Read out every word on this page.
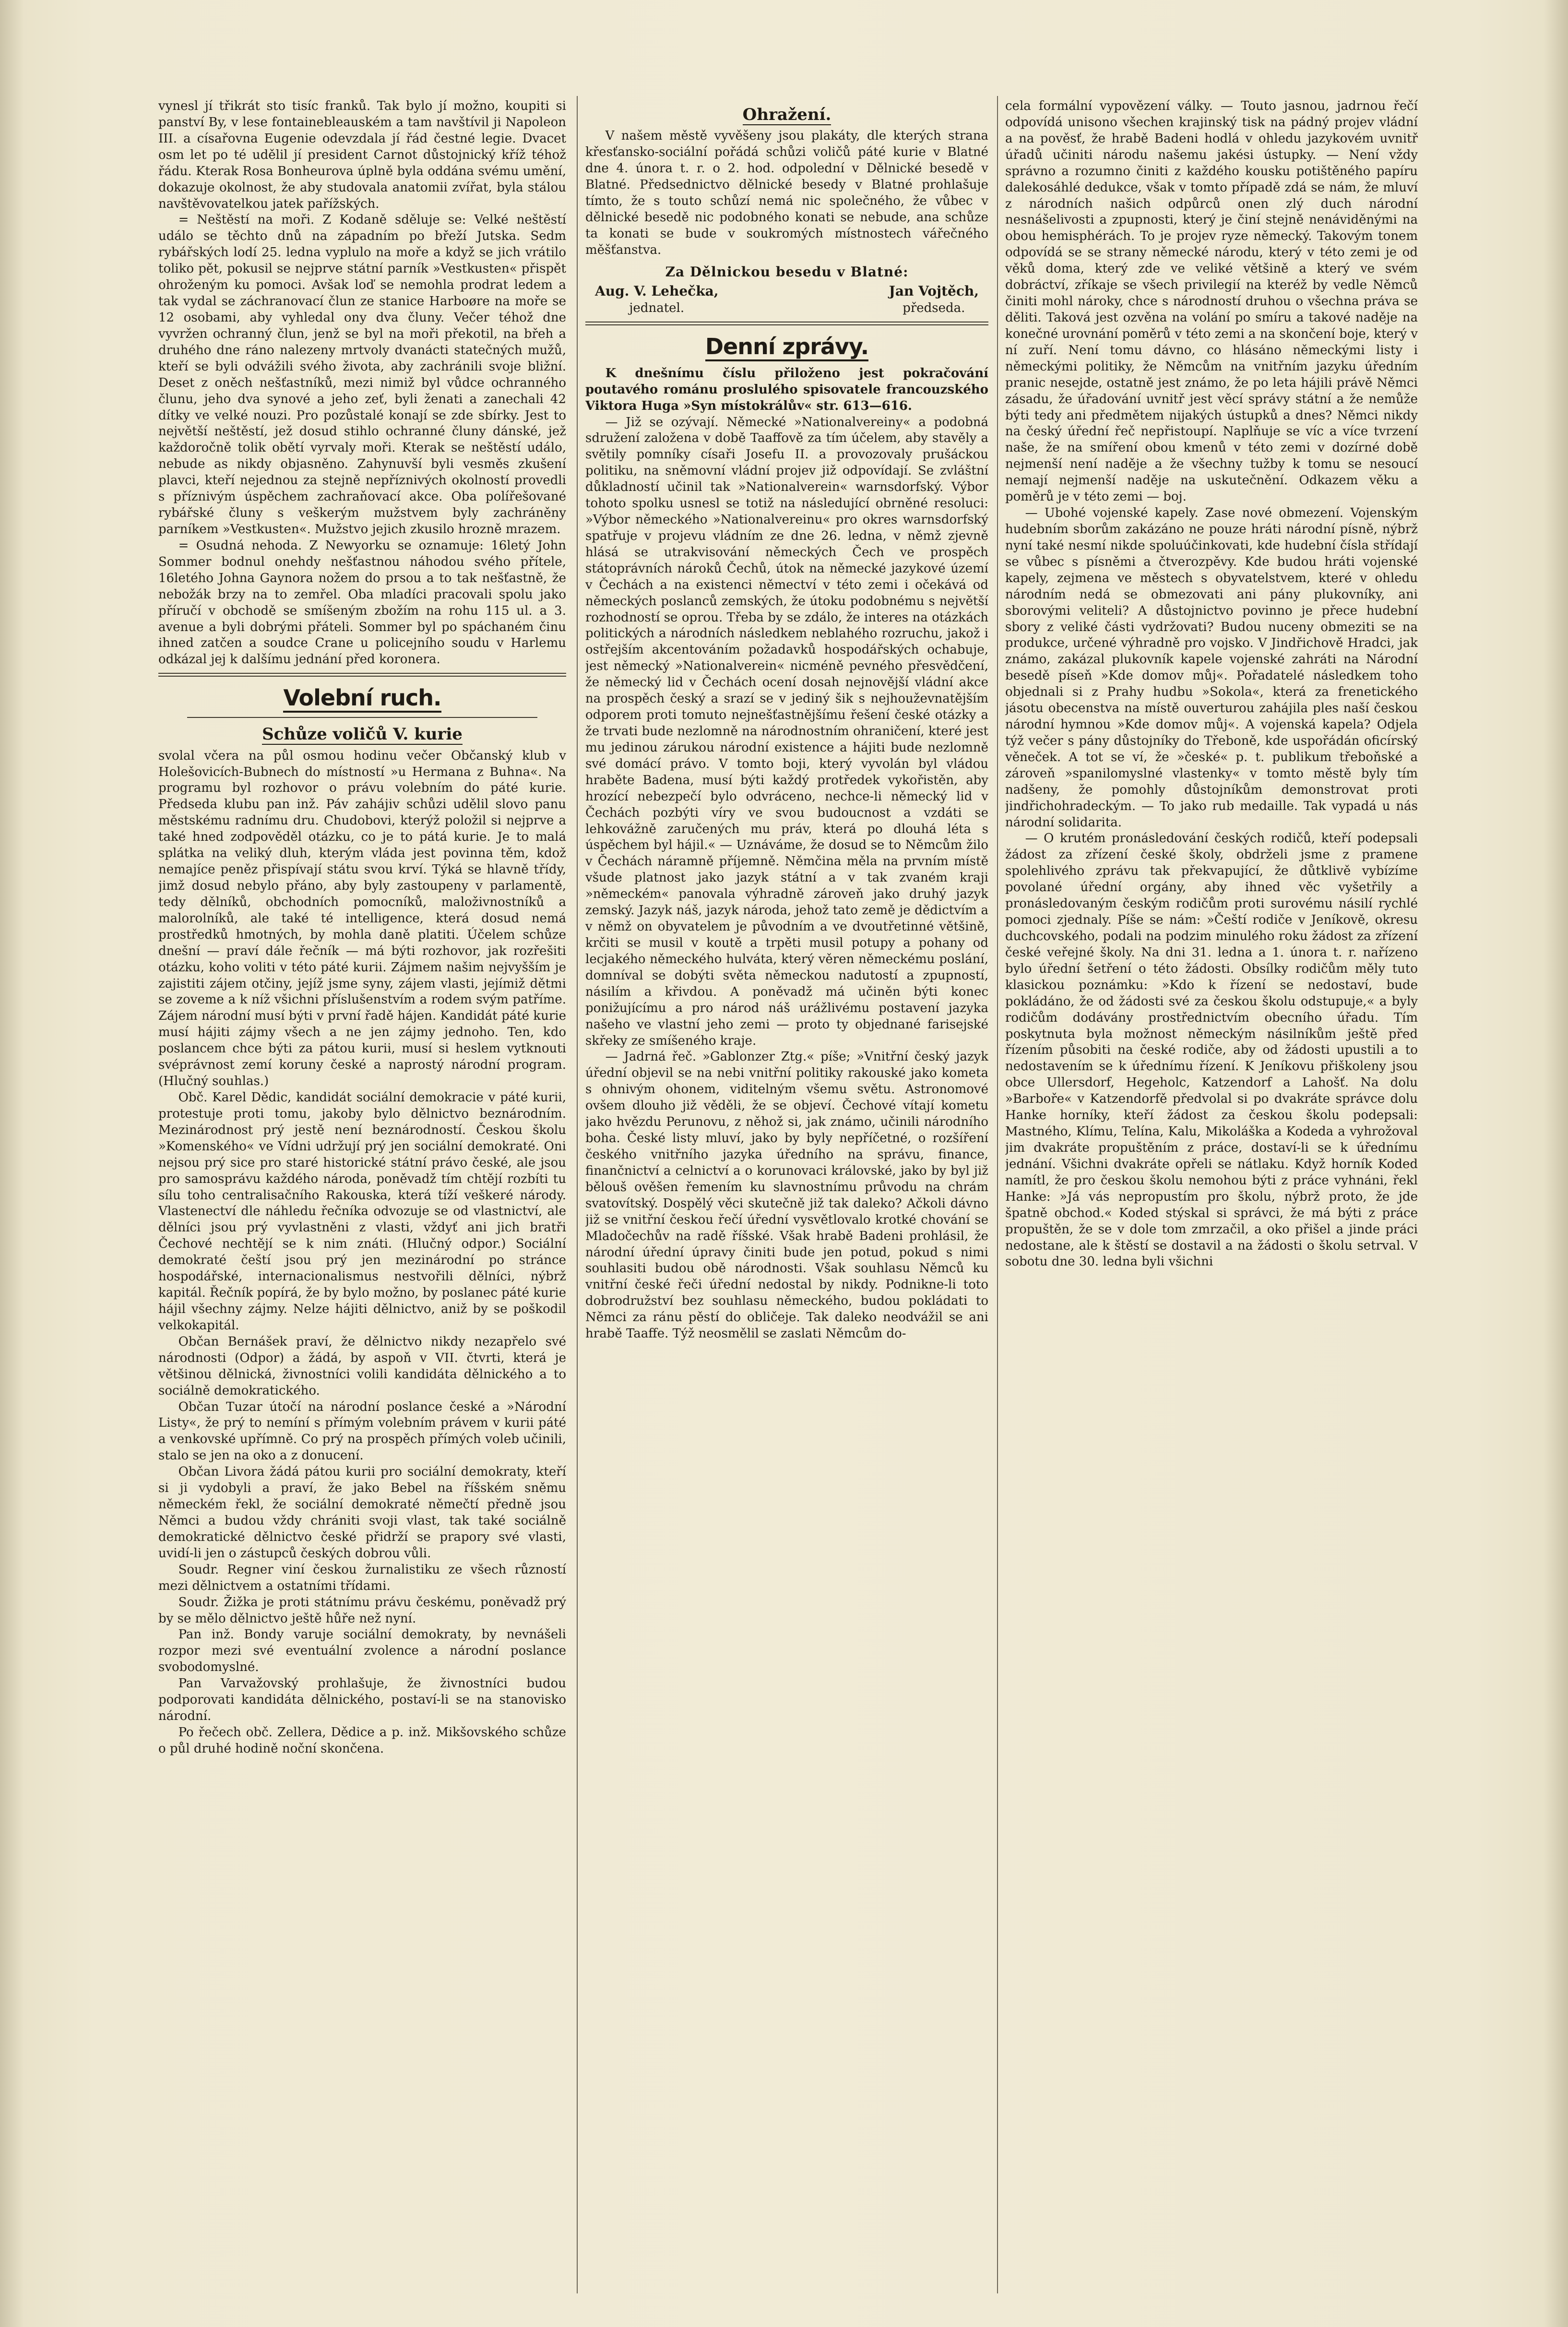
vynesl jí třikrát sto tisíc franků. Tak bylo jí možno, koupiti si panství By, v lese fontainebleauském a tam navštívil ji Napoleon III. a císařovna Eugenie odevzdala jí řád čestné legie. Dvacet osm let po té udělil jí president Carnot důstojnický kříž téhož řádu. Kterak Rosa Bonheurova úplně byla oddána svému umění, dokazuje okolnost, že aby studovala anatomii zvířat, byla stálou navštěvovatelkou jatek pařížských.

= Neštěstí na moři. Z Kodaně sděluje se: Velké neštěstí událo se těchto dnů na západním po břeží Jutska. Sedm rybářských lodí 25. ledna vyplulo na moře a když se jich vrátilo toliko pět, pokusil se nejprve státní parník »Vestkusten« přispět ohroženým ku pomoci. Avšak loď se nemohla prodrat ledem a tak vydal se záchranovací člun ze stanice Harboøre na moře se 12 osobami, aby vyhledal ony dva čluny. Večer téhož dne vyvržen ochranný člun, jenž se byl na moři překotil, na břeh a druhého dne ráno nalezeny mrtvoly dvanácti statečných mužů, kteří se byli odvážili svého života, aby zachránili svoje bližní. Deset z oněch nešťastníků, mezi nimiž byl vůdce ochranného člunu, jeho dva synové a jeho zeť, byli ženati a zanechali 42 dítky ve velké nouzi. Pro pozůstalé konají se zde sbírky. Jest to největší neštěstí, jež dosud stihlo ochranné čluny dánské, jež každoročně tolik obětí vyrvaly moři. Kterak se neštěstí událo, nebude as nikdy objasněno. Zahynuvší byli vesměs zkušení plavci, kteří nejednou za stejně nepříznivých okolností provedli s příznivým úspěchem zachraňovací akce. Oba polířešované rybářské čluny s veškerým mužstvem byly zachráněny parníkem »Vestkusten«. Mužstvo jejich zkusilo hrozně mrazem.

= Osudná nehoda. Z Newyorku se oznamuje: 16letý John Sommer bodnul onehdy nešťastnou náhodou svého přítele, 16letého Johna Gaynora nožem do prsou a to tak nešťastně, že nebožák brzy na to zemřel. Oba mladíci pracovali spolu jako příručí v obchodě se smíšeným zbožím na rohu 115 ul. a 3. avenue a byli dobrými přáteli. Sommer byl po spáchaném činu ihned zatčen a soudce Crane u policejního soudu v Harlemu odkázal jej k dalšímu jednání před koronera.

Volební ruch.
Schůze voličů V. kurie

svolal včera na půl osmou hodinu večer Občanský klub v Holešovicích-Bubnech do místností »u Hermana z Buhna«. Na programu byl rozhovor o právu volebním do páté kurie. Předseda klubu pan inž. Páv zahájiv schůzi udělil slovo panu městskému radnímu dru. Chudobovi, kterýž položil si nejprve a také hned zodpověděl otázku, co je to pátá kurie. Je to malá splátka na veliký dluh, kterým vláda jest povinna těm, kdož nemajíce peněz přispívají státu svou krví. Týká se hlavně třídy, jimž dosud nebylo přáno, aby byly zastoupeny v parlamentě, tedy dělníků, obchodních pomocníků, maloživnostníků a malorolníků, ale také té intelligence, která dosud nemá prostředků hmotných, by mohla daně platiti. Účelem schůze dnešní — praví dále řečník — má býti rozhovor, jak rozřešiti otázku, koho voliti v této páté kurii. Zájmem našim nejvyšším je zajistiti zájem otčiny, jejíž jsme syny, zájem vlasti, jejímiž dětmi se zoveme a k níž všichni příslušenstvím a rodem svým patříme. Zájem národní musí býti v první řadě hájen. Kandidát páté kurie musí hájiti zájmy všech a ne jen zájmy jednoho. Ten, kdo poslancem chce býti za pátou kurii, musí si heslem vytknouti svéprávnost zemí koruny české a naprostý národní program. (Hlučný souhlas.)

Obč. Karel Dědic, kandidát sociální demokracie v páté kurii, protestuje proti tomu, jakoby bylo dělnictvo beznárodním. Mezinárodnost prý jestě není beznárodností. Českou školu »Komenského« ve Vídni udržují prý jen sociální demokraté. Oni nejsou prý sice pro staré historické státní právo české, ale jsou pro samosprávu každého národa, poněvadž tím chtějí rozbíti tu sílu toho centralisačního Rakouska, která tíží veškeré národy. Vlastenectví dle náhledu řečníka odvozuje se od vlastnictví, ale dělníci jsou prý vyvlastněni z vlasti, vždyť ani jich bratři Čechové nechtějí se k nim znáti. (Hlučný odpor.) Sociální demokraté čeští jsou prý jen mezinárodní po stránce hospodářské, internacionalismus nestvořili dělníci, nýbrž kapitál. Řečník popírá, že by bylo možno, by poslanec páté kurie hájil všechny zájmy. Nelze hájiti dělnictvo, aniž by se poškodil velkokapitál.

Občan Bernášek praví, že dělnictvo nikdy nezapřelo své národnosti (Odpor) a žádá, by aspoň v VII. čtvrti, která je většinou dělnická, živnostníci volili kandidáta dělnického a to sociálně demokratického.

Občan Tuzar útočí na národní poslance české a »Národní Listy«, že prý to nemíní s přímým volebním právem v kurii páté a venkovské upřímně. Co prý na prospěch přímých voleb učinili, stalo se jen na oko a z donucení.

Občan Livora žádá pátou kurii pro sociální demokraty, kteří si ji vydobyli a praví, že jako Bebel na říšském sněmu německém řekl, že sociální demokraté němečtí předně jsou Němci a budou vždy chrániti svoji vlast, tak také sociálně demokratické dělnictvo české přidrží se prapory své vlasti, uvidí-li jen o zástupců českých dobrou vůli.

Soudr. Regner viní českou žurnalistiku ze všech růzností mezi dělnictvem a ostatními třídami.

Soudr. Žižka je proti státnímu právu českému, poněvadž prý by se mělo dělnictvo ještě hůře než nyní.

Pan inž. Bondy varuje sociální demokraty, by nevnášeli rozpor mezi své eventuální zvolence a národní poslance svobodomyslné.

Pan Varvažovský prohlašuje, že živnostníci budou podporovati kandidáta dělnického, postaví-li se na stanovisko národní.

Po řečech obč. Zellera, Dědice a p. inž. Mikšovského schůze o půl druhé hodině noční skončena.

Ohražení.

V našem městě vyvěšeny jsou plakáty, dle kterých strana křesťansko-sociální pořádá schůzi voličů páté kurie v Blatné dne 4. února t. r. o 2. hod. odpolední v Dělnické besedě v Blatné. Předsednictvo dělnické besedy v Blatné prohlašuje tímto, že s touto schůzí nemá nic společného, že vůbec v dělnické besedě nic podobného konati se nebude, ana schůze ta konati se bude v soukromých místnostech vářečného měšťanstva.

Za Dělnickou besedu v Blatné:
Aug. V. Lehečka,
jednatel.
Jan Vojtěch,
předseda.
Denní zprávy.

K dnešnímu číslu přiloženo jest pokračování poutavého románu proslulého spisovatele francouzského Viktora Huga »Syn místokrálův« str. 613—616.

— Již se ozývají. Německé »Nationalvereiny« a podobná sdružení založena v době Taaffově za tím účelem, aby stavěly a světily pomníky císaři Josefu II. a provozovaly prušáckou politiku, na sněmovní vládní projev již odpovídají. Se zvláštní důkladností učinil tak »Nationalverein« warnsdorfský. Výbor tohoto spolku usnesl se totiž na následující obrněné resoluci: »Výbor německého »Nationalvereinu« pro okres warnsdorfský spatřuje v projevu vládním ze dne 26. ledna, v němž zjevně hlásá se utrakvisování německých Čech ve prospěch státoprávních nároků Čechů, útok na německé jazykové území v Čechách a na existenci němectví v této zemi i očekává od německých poslanců zemských, že útoku podobnému s největší rozhodností se oprou. Třeba by se zdálo, že interes na otázkách politických a národních následkem neblahého rozruchu, jakož i ostřejším akcentováním požadavků hospodářských ochabuje, jest německý »Nationalverein« nicméně pevného přesvědčení, že německý lid v Čechách ocení dosah nejnovější vládní akce na prospěch český a srazí se v jediný šik s nejhouževnatějším odporem proti tomuto nejnešťastnějšímu řešení české otázky a že trvati bude nezlomně na národnostním ohraničení, které jest mu jedinou zárukou národní existence a hájiti bude nezlomně své domácí právo. V tomto boji, který vyvolán byl vládou hraběte Badena, musí býti každý protředek vykořistěn, aby hrozící nebezpečí bylo odvráceno, nechce-li německý lid v Čechách pozbýti víry ve svou budoucnost a vzdáti se lehkovážně zaručených mu práv, která po dlouhá léta s úspěchem byl hájil.« — Uznáváme, že dosud se to Němcům žilo v Čechách náramně příjemně. Němčina měla na prvním místě všude platnost jako jazyk státní a v tak zvaném kraji »německém« panovala výhradně zároveň jako druhý jazyk zemský. Jazyk náš, jazyk národa, jehož tato země je dědictvím a v němž on obyvatelem je původním a ve dvoutřetinné většině, krčiti se musil v koutě a trpěti musil potupy a pohany od lecjakého německého hulváta, který věren německému poslání, domníval se dobýti světa německou nadutostí a zpupností, násilím a křivdou. A poněvadž má učiněn býti konec ponižujícímu a pro národ náš urážlivému postavení jazyka našeho ve vlastní jeho zemi — proto ty objednané farisejské skřeky ze smíšeného kraje.

— Jadrná řeč. »Gablonzer Ztg.« píše; »Vnitřní český jazyk úřední objevil se na nebi vnitřní politiky rakouské jako kometa s ohnivým ohonem, viditelným všemu světu. Astronomové ovšem dlouho již věděli, že se objeví. Čechové vítají kometu jako hvězdu Perunovu, z něhož si, jak známo, učinili národního boha. České listy mluví, jako by byly nepříčetné, o rozšíření českého vnitřního jazyka úředního na správu, finance, finančnictví a celnictví a o korunovaci královské, jako by byl již bělouš ověšen řemením ku slavnostnímu průvodu na chrám svatovítský. Dospělý věci skutečně již tak daleko? Ačkoli dávno již se vnitřní českou řečí úřední vysvětlovalo krotké chování se Mladočechův na radě říšské. Však hrabě Badeni prohlásil, že národní úřední úpravy činiti bude jen potud, pokud s nimi souhlasiti budou obě národnosti. Však souhlasu Němců ku vnitřní české řeči úřední nedostal by nikdy. Podnikne-li toto dobrodružství bez souhlasu německého, budou pokládati to Němci za ránu pěstí do obličeje. Tak daleko neodvážil se ani hrabě Taaffe. Týž neosmělil se zaslati Němcům do-

cela formální vypovězení války. — Touto jasnou, jadrnou řečí odpovídá unisono všechen krajinský tisk na pádný projev vládní a na pověsť, že hrabě Badeni hodlá v ohledu jazykovém uvnitř úřadů učiniti národu našemu jakési ústupky. — Není vždy správno a rozumno činiti z každého kousku potištěného papíru dalekosáhlé dedukce, však v tomto případě zdá se nám, že mluví z národních našich odpůrců onen zlý duch národní nesnášelivosti a zpupnosti, který je činí stejně nenáviděnými na obou hemisphérách. To je projev ryze německý. Takovým tonem odpovídá se se strany německé národu, který v této zemi je od věků doma, který zde ve veliké většině a který ve svém dobráctví, zříkaje se všech privilegií na kteréž by vedle Němců činiti mohl nároky, chce s národností druhou o všechna práva se děliti. Taková jest ozvěna na volání po smíru a takové naděje na konečné urovnání poměrů v této zemi a na skončení boje, který v ní zuří. Není tomu dávno, co hlásáno německými listy i německými politiky, že Němcům na vnitřním jazyku úředním pranic nesejde, ostatně jest známo, že po leta hájili právě Němci zásadu, že úřadování uvnitř jest věcí správy státní a že nemůže býti tedy ani předmětem nijakých ústupků a dnes? Němci nikdy na český úřední řeč nepřistoupí. Naplňuje se víc a více tvrzení naše, že na smíření obou kmenů v této zemi v dozírné době nejmenší není naděje a že všechny tužby k tomu se nesoucí nemají nejmenší naděje na uskutečnění. Odkazem věku a poměrů je v této zemi — boj.

— Ubohé vojenské kapely. Zase nové obmezení. Vojenským hudebním sborům zakázáno ne pouze hráti národní písně, nýbrž nyní také nesmí nikde spoluúčinkovati, kde hudební čísla střídají se vůbec s písněmi a čtverozpěvy. Kde budou hráti vojenské kapely, zejmena ve městech s obyvatelstvem, které v ohledu národním nedá se obmezovati ani pány plukovníky, ani sborovými veliteli? A důstojnictvo povinno je přece hudební sbory z veliké části vydržovati? Budou nuceny obmeziti se na produkce, určené výhradně pro vojsko. V Jindřichově Hradci, jak známo, zakázal plukovník kapele vojenské zahráti na Národní besedě píseň »Kde domov můj«. Pořadatelé následkem toho objednali si z Prahy hudbu »Sokola«, která za frenetického jásotu obecenstva na místě ouverturou zahájila ples naší českou národní hymnou »Kde domov můj«. A vojenská kapela? Odjela týž večer s pány důstojníky do Třeboně, kde uspořádán oficírský věneček. A tot se ví, že »české« p. t. publikum třeboňské a zároveň »spanilomyslné vlastenky« v tomto městě byly tím nadšeny, že pomohly důstojníkům demonstrovat proti jindřichohradeckým. — To jako rub medaille. Tak vypadá u nás národní solidarita.

— O krutém pronásledování českých rodičů, kteří podepsali žádost za zřízení české školy, obdrželi jsme z pramene spolehlivého zprávu tak překvapující, že důtklivě vybízíme povolané úřední orgány, aby ihned věc vyšetřily a pronásledovaným českým rodičům proti surovému násilí rychlé pomoci zjednaly. Píše se nám: »Čeští rodiče v Jeníkově, okresu duchcovského, podali na podzim minulého roku žádost za zřízení české veřejné školy. Na dni 31. ledna a 1. února t. r. nařízeno bylo úřední šetření o této žádosti. Obsílky rodičům měly tuto klasickou poznámku: »Kdo k řízení se nedostaví, bude pokládáno, že od žádosti své za českou školu odstupuje,« a byly rodičům dodávány prostřednictvím obecního úřadu. Tím poskytnuta byla možnost německým násilníkům ještě před řízením působiti na české rodiče, aby od žádosti upustili a to nedostavením se k úřednímu řízení. K Jeníkovu přiškoleny jsou obce Ullersdorf, Hegeholc, Katzendorf a Lahošť. Na dolu »Barboře« v Katzendorfě předvolal si po dvakráte správce dolu Hanke horníky, kteří žádost za českou školu podepsali: Mastného, Klímu, Telína, Kalu, Mikoláška a Kodeda a vyhrožoval jim dvakráte propuštěním z práce, dostaví-li se k úřednímu jednání. Všichni dvakráte opřeli se nátlaku. Když horník Koded namítl, že pro českou školu nemohou býti z práce vyhnáni, řekl Hanke: »Já vás nepropustím pro školu, nýbrž proto, že jde špatně obchod.« Koded stýskal si správci, že má býti z práce propuštěn, že se v dole tom zmrzačil, a oko přišel a jinde práci nedostane, ale k štěstí se dostavil a na žádosti o školu setrval. V sobotu dne 30. ledna byli všichni
